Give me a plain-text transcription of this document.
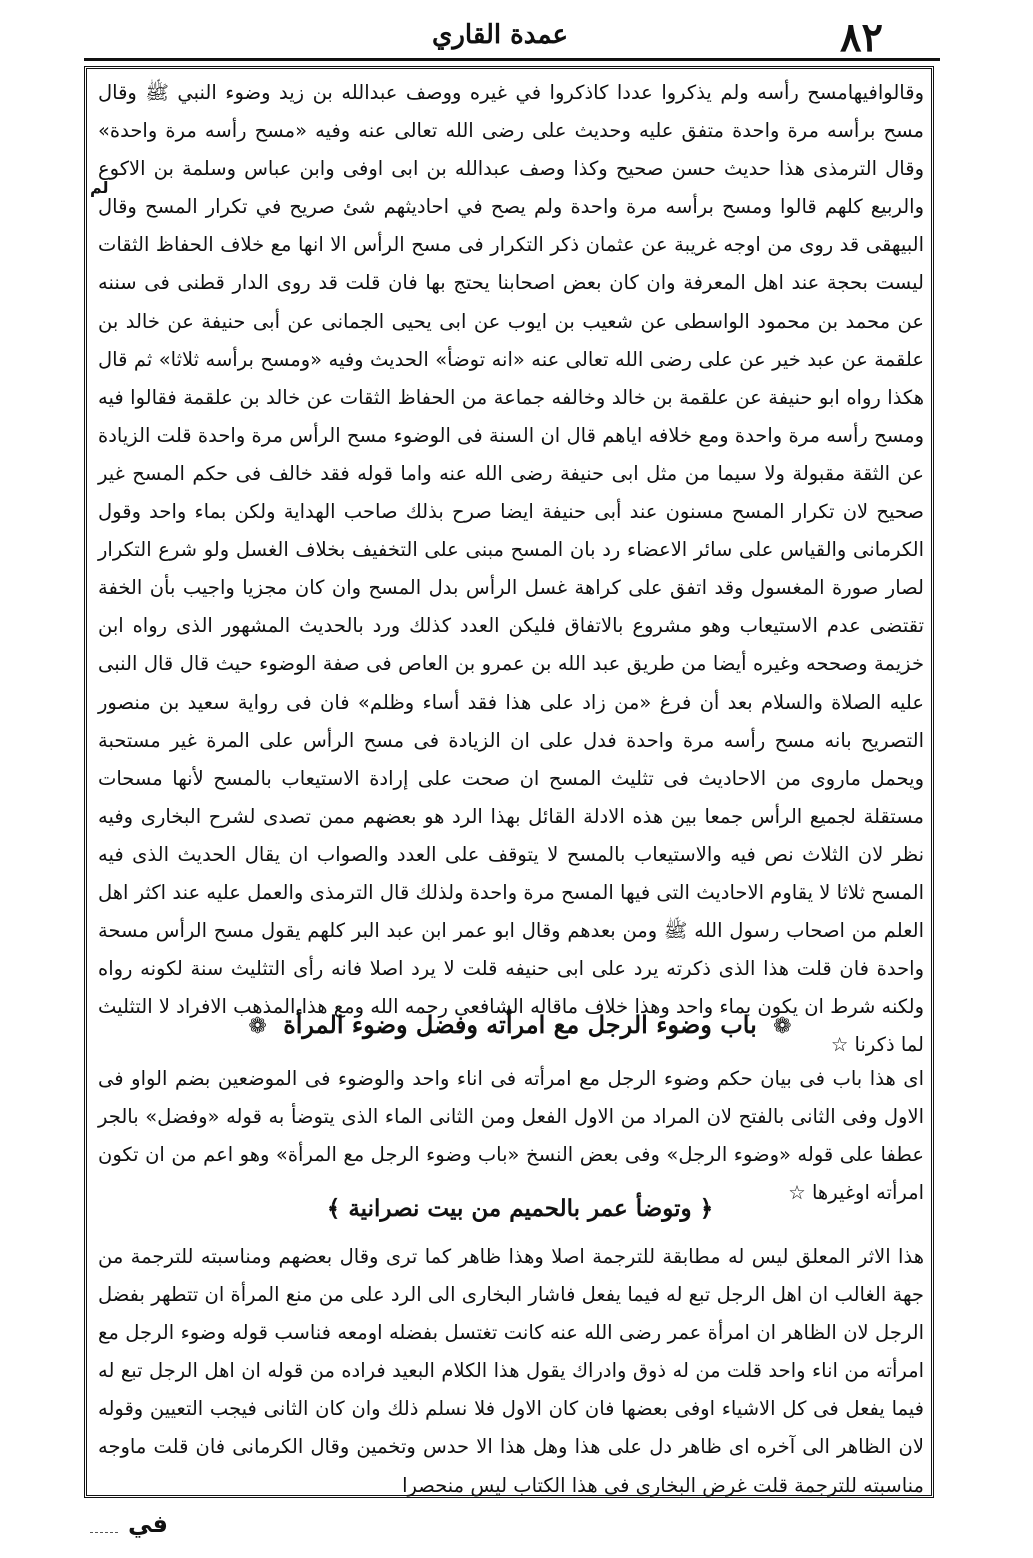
٨٢
عمدة القاري
لم

وقالوافيهامسح رأسه ولم يذكروا عددا كاذكروا في غيره ووصف عبدالله بن زيد وضوء النبي ﷺ وقال مسح برأسه مرة واحدة متفق عليه وحديث على رضى الله تعالى عنه وفيه «مسح رأسه مرة واحدة» وقال الترمذى هذا حديث حسن صحيح وكذا وصف عبدالله بن ابى اوفى وابن عباس وسلمة بن الاكوع والربيع كلهم قالوا ومسح برأسه مرة واحدة ولم يصح في احاديثهم شئ صريح في تكرار المسح وقال البيهقى قد روى من اوجه غريبة عن عثمان ذكر التكرار فى مسح الرأس الا انها مع خلاف الحفاظ الثقات ليست بحجة عند اهل المعرفة وان كان بعض اصحابنا يحتج بها فان قلت قد روى الدار قطنى فى سننه عن محمد بن محمود الواسطى عن شعيب بن ايوب عن ابى يحيى الجمانى عن أبى حنيفة عن خالد بن علقمة عن عبد خير عن على رضى الله تعالى عنه «انه توضأ» الحديث وفيه «ومسح برأسه ثلاثا» ثم قال هكذا رواه ابو حنيفة عن علقمة بن خالد وخالفه جماعة من الحفاظ الثقات عن خالد بن علقمة فقالوا فيه ومسح رأسه مرة واحدة ومع خلافه اياهم قال ان السنة فى الوضوء مسح الرأس مرة واحدة قلت الزيادة عن الثقة مقبولة ولا سيما من مثل ابى حنيفة رضى الله عنه واما قوله فقد خالف فى حكم المسح غير صحيح لان تكرار المسح مسنون عند أبى حنيفة ايضا صرح بذلك صاحب الهداية ولكن بماء واحد وقول الكرمانى والقياس على سائر الاعضاء رد بان المسح مبنى على التخفيف بخلاف الغسل ولو شرع التكرار لصار صورة المغسول وقد اتفق على كراهة غسل الرأس بدل المسح وان كان مجزيا واجيب بأن الخفة تقتضى عدم الاستيعاب وهو مشروع بالاتفاق فليكن العدد كذلك ورد بالحديث المشهور الذى رواه ابن خزيمة وصححه وغيره أيضا من طريق عبد الله بن عمرو بن العاص فى صفة الوضوء حيث قال قال النبى عليه الصلاة والسلام بعد أن فرغ «من زاد على هذا فقد أساء وظلم» فان فى رواية سعيد بن منصور التصريح بانه مسح رأسه مرة واحدة فدل على ان الزيادة فى مسح الرأس على المرة غير مستحبة ويحمل ماروى من الاحاديث فى تثليث المسح ان صحت على إرادة الاستيعاب بالمسح لأنها مسحات مستقلة لجميع الرأس جمعا بين هذه الادلة القائل بهذا الرد هو بعضهم ممن تصدى لشرح البخارى وفيه نظر لان الثلاث نص فيه والاستيعاب بالمسح لا يتوقف على العدد والصواب ان يقال الحديث الذى فيه المسح ثلاثا لا يقاوم الاحاديث التى فيها المسح مرة واحدة ولذلك قال الترمذى والعمل عليه عند اكثر اهل العلم من اصحاب رسول الله ﷺ ومن بعدهم وقال ابو عمر ابن عبد البر كلهم يقول مسح الرأس مسحة واحدة فان قلت هذا الذى ذكرته يرد على ابى حنيفه قلت لا يرد اصلا فانه رأى التثليث سنة لكونه رواه ولكنه شرط ان يكون بماء واحد وهذا خلاف ماقاله الشافعى رحمه الله ومع هذا المذهب الافراد لا التثليث لما ذكرنا ☆

❁ باب وضوء الرجل مع امرأته وفضل وضوء المرأة ❁

اى هذا باب فى بيان حكم وضوء الرجل مع امرأته فى اناء واحد والوضوء فى الموضعين بضم الواو فى الاول وفى الثانى بالفتح لان المراد من الاول الفعل ومن الثانى الماء الذى يتوضأ به قوله «وفضل» بالجر عطفا على قوله «وضوء الرجل» وفى بعض النسخ «باب وضوء الرجل مع المرأة» وهو اعم من ان تكون امرأته اوغيرها ☆

﴿ وتوضأ عمر بالحميم من بيت نصرانية ﴾

هذا الاثر المعلق ليس له مطابقة للترجمة اصلا وهذا ظاهر كما ترى وقال بعضهم ومناسبته للترجمة من جهة الغالب ان اهل الرجل تبع له فيما يفعل فاشار البخارى الى الرد على من منع المرأة ان تتطهر بفضل الرجل لان الظاهر ان امرأة عمر رضى الله عنه كانت تغتسل بفضله اومعه فناسب قوله وضوء الرجل مع امرأته من اناء واحد قلت من له ذوق وادراك يقول هذا الكلام البعيد فراده من قوله ان اهل الرجل تبع له فيما يفعل فى كل الاشياء اوفى بعضها فان كان الاول فلا نسلم ذلك وان كان الثانى فيجب التعيين وقوله لان الظاهر الى آخره اى ظاهر دل على هذا وهل هذا الا حدس وتخمين وقال الكرمانى فان قلت ماوجه مناسبته للترجمة قلت غرض البخارى فى هذا الكتاب ليس منحصرا

في
